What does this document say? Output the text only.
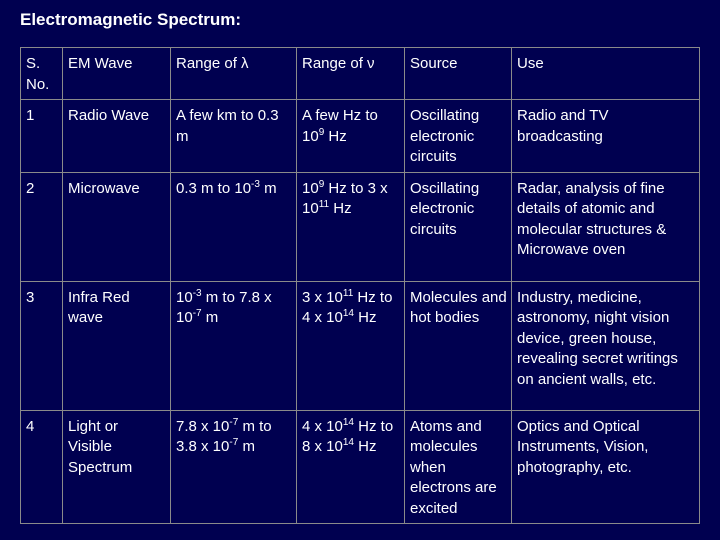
Electromagnetic Spectrum:
S. No.	EM Wave	Range of λ	Range of ν	Source	Use
1	Radio Wave	A few km to 0.3 m	A few Hz to $10^9$ Hz	Oscillating electronic circuits	Radio and TV broadcasting
2	Microwave	0.3 m to $10^{-3}$ m	$10^9$ Hz to 3 x $10^{11}$ Hz	Oscillating electronic circuits	Radar, analysis of fine details of atomic and molecular structures & Microwave oven
3	Infra Red wave	$10^{-3}$ m to 7.8 x $10^{-7}$ m	3 x $10^{11}$ Hz to 4 x $10^{14}$ Hz	Molecules and hot bodies	Industry, medicine, astronomy, night vision device, green house, revealing secret writings on ancient walls, etc.
4	Light or Visible Spectrum	7.8 x $10^{-7}$ m to 3.8 x $10^{-7}$ m	4 x $10^{14}$ Hz to 8 x $10^{14}$ Hz	Atoms and molecules when electrons are excited	Optics and Optical Instruments, Vision, photography, etc.
